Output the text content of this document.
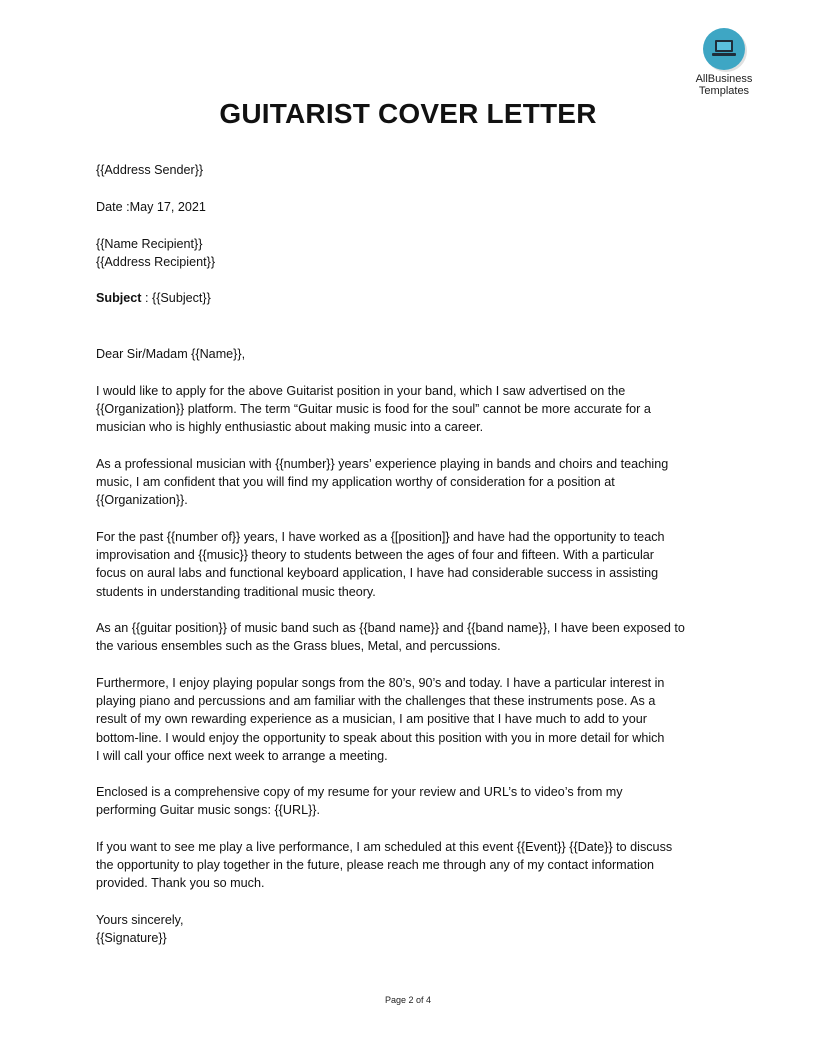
AllBusiness
Templates
GUITARIST COVER LETTER
{{Address Sender}}
Date :May 17, 2021
{{Name Recipient}}
{{Address Recipient}}
Subject : {{Subject}}
Dear Sir/Madam {{Name}},
I would like to apply for the above Guitarist position in your band, which I saw advertised on the
{{Organization}} platform. The term “Guitar music is food for the soul” cannot be more accurate for a
musician who is highly enthusiastic about making music into a career.
As a professional musician with {{number}} years’ experience playing in bands and choirs and teaching
music, I am confident that you will find my application worthy of consideration for a position at
{{Organization}}.
For the past {{number of}} years, I have worked as a {[position]} and have had the opportunity to teach
improvisation and {{music}} theory to students between the ages of four and fifteen. With a particular
focus on aural labs and functional keyboard application, I have had considerable success in assisting
students in understanding traditional music theory.
As an {{guitar position}} of music band such as {{band name}} and {{band name}}, I have been exposed to
the various ensembles such as the Grass blues, Metal, and percussions.
Furthermore, I enjoy playing popular songs from the 80’s, 90’s and today. I have a particular interest in
playing piano and percussions and am familiar with the challenges that these instruments pose. As a
result of my own rewarding experience as a musician, I am positive that I have much to add to your
bottom-line. I would enjoy the opportunity to speak about this position with you in more detail for which
I will call your office next week to arrange a meeting.
Enclosed is a comprehensive copy of my resume for your review and URL’s to video’s from my
performing Guitar music songs: {{URL}}.
If you want to see me play a live performance, I am scheduled at this event {{Event}} {{Date}} to discuss
the opportunity to play together in the future, please reach me through any of my contact information
provided. Thank you so much.
Yours sincerely,
{{Signature}}
Page 2 of 4
